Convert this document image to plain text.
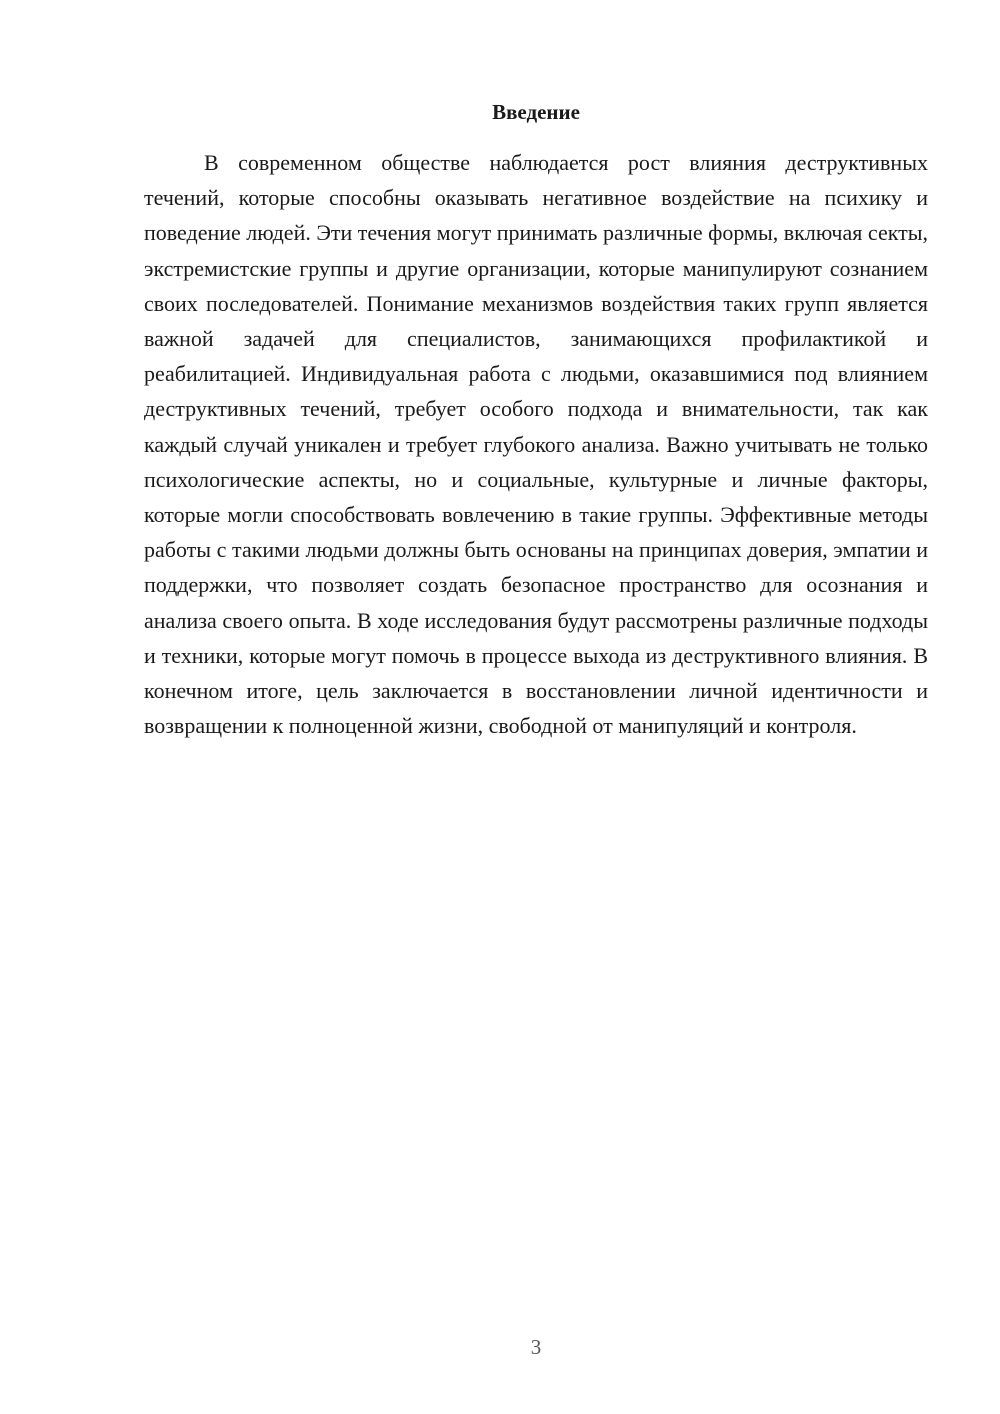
Введение

В современном обществе наблюдается рост влияния деструктивных течений, которые способны оказывать негативное воздействие на психику и поведение людей. Эти течения могут принимать различные формы, включая секты, экстремистские группы и другие организации, которые манипулируют сознанием своих последователей. Понимание механизмов воздействия таких групп является важной задачей для специалистов, занимающихся профилактикой и реабилитацией. Индивидуальная работа с людьми, оказавшимися под влиянием деструктивных течений, требует особого подхода и внимательности, так как каждый случай уникален и требует глубокого анализа. Важно учитывать не только психологические аспекты, но и социальные, культурные и личные факторы, которые могли способствовать вовлечению в такие группы. Эффективные методы работы с такими людьми должны быть основаны на принципах доверия, эмпатии и поддержки, что позволяет создать безопасное пространство для осознания и анализа своего опыта. В ходе исследования будут рассмотрены различные подходы и техники, которые могут помочь в процессе выхода из деструктивного влияния. В конечном итоге, цель заключается в восстановлении личной идентичности и возвращении к полноценной жизни, свободной от манипуляций и контроля.

3
